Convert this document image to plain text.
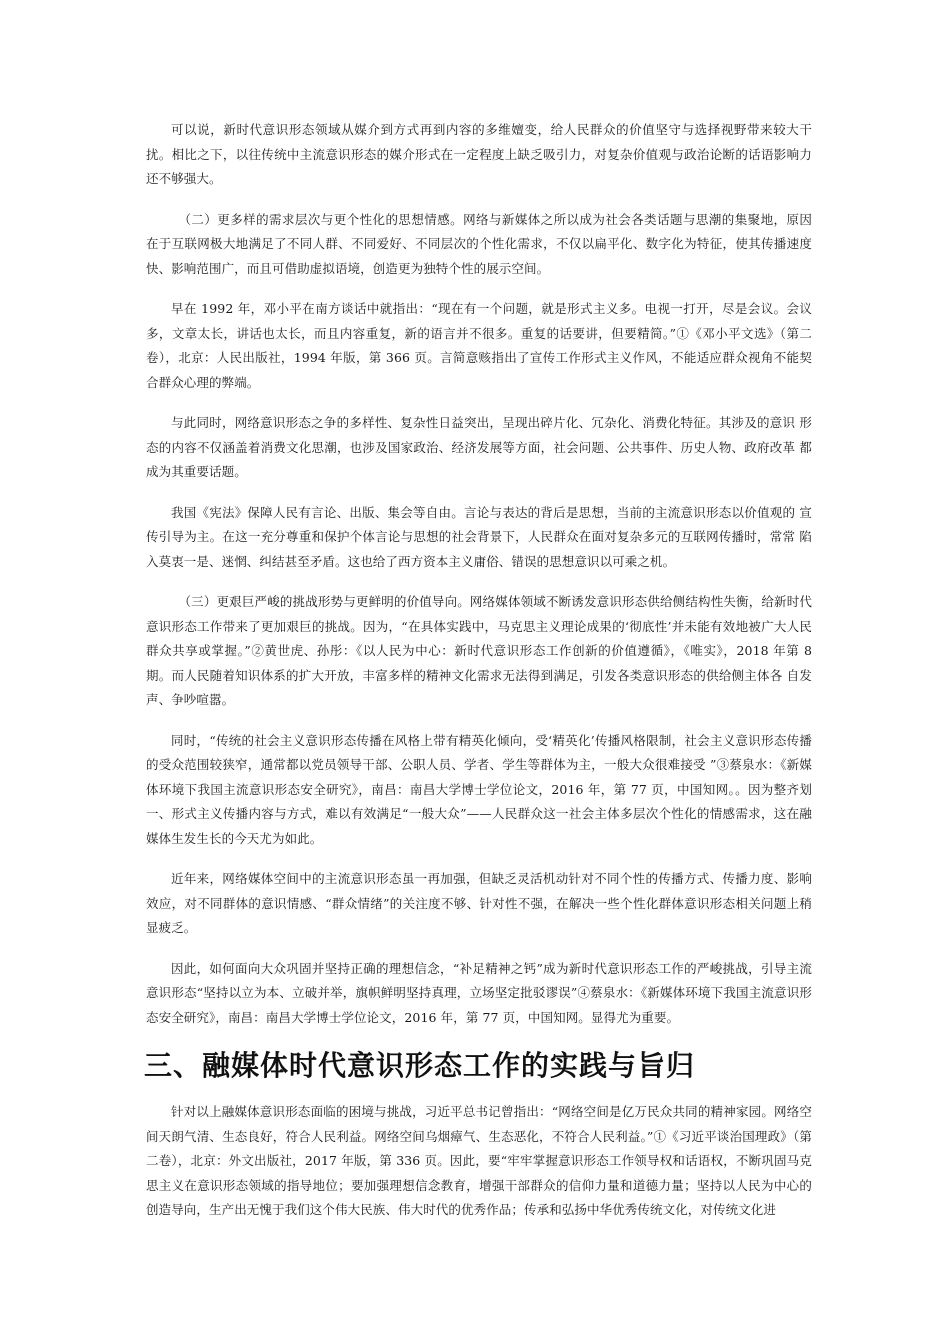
可以说，新时代意识形态领域从媒介到方式再到内容的多维嬗变，给人民群众的价值坚守与选择视野带来较大干 扰。相比之下，以往传统中主流意识形态的媒介形式在一定程度上缺乏吸引力，对复杂价值观与政治论断的话语影响力 还不够强大。

（二）更多样的需求层次与更个性化的思想情感。网络与新媒体之所以成为社会各类话题与思潮的集聚地，原因 在于互联网极大地满足了不同人群、不同爱好、不同层次的个性化需求，不仅以扁平化、数字化为特征，使其传播速度 快、影响范围广，而且可借助虚拟语境，创造更为独特个性的展示空间。

早在 1992 年，邓小平在南方谈话中就指出：“现在有一个问题，就是形式主义多。电视一打开，尽是会议。会议多，文章太长，讲话也太长，而且内容重复，新的语言并不很多。重复的话要讲，但要精简。”①《邓小平文选》（第二卷），北京：人民出版社，1994 年版，第 366 页。言简意赅指出了宣传工作形式主义作风，不能适应群众视角不能契合群众心理的弊端。

与此同时，网络意识形态之争的多样性、复杂性日益突出，呈现出碎片化、冗杂化、消费化特征。其涉及的意识 形态的内容不仅涵盖着消费文化思潮，也涉及国家政治、经济发展等方面，社会问题、公共事件、历史人物、政府改革 都成为其重要话题。

我国《宪法》保障人民有言论、出版、集会等自由。言论与表达的背后是思想，当前的主流意识形态以价值观的 宣传引导为主。在这一充分尊重和保护个体言论与思想的社会背景下，人民群众在面对复杂多元的互联网传播时，常常 陷入莫衷一是、迷惘、纠结甚至矛盾。这也给了西方资本主义庸俗、错误的思想意识以可乘之机。

（三）更艰巨严峻的挑战形势与更鲜明的价值导向。网络媒体领域不断诱发意识形态供给侧结构性失衡，给新时代意识形态工作带来了更加艰巨的挑战。因为，“在具体实践中，马克思主义理论成果的‘彻底性’并未能有效地被广大人民群众共享或掌握。”②黄世虎、孙彤：《以人民为中心：新时代意识形态工作创新的价值遵循》，《唯实》，2018 年第 8 期。而人民随着知识体系的扩大开放，丰富多样的精神文化需求无法得到满足，引发各类意识形态的供给侧主体各 自发声、争吵喧嚣。

同时，“传统的社会主义意识形态传播在风格上带有精英化倾向，受‘精英化’传播风格限制，社会主义意识形态传播的受众范围较狭窄，通常都以党员领导干部、公职人员、学者、学生等群体为主，一般大众很难接受 ”③蔡泉水：《新媒体环境下我国主流意识形态安全研究》，南昌：南昌大学博士学位论文，2016 年，第 77 页，中国知网。。因为整齐划一、形式主义传播内容与方式，难以有效满足“一般大众”——人民群众这一社会主体多层次个性化的情感需求，这在融媒体生发生长的今天尤为如此。

近年来，网络媒体空间中的主流意识形态虽一再加强，但缺乏灵活机动针对不同个性的传播方式、传播力度、影响效应，对不同群体的意识情感、“群众情绪”的关注度不够、针对性不强，在解决一些个性化群体意识形态相关问题上稍显疲乏。

因此，如何面向大众巩固并坚持正确的理想信念，“补足精神之钙”成为新时代意识形态工作的严峻挑战，引导主流意识形态“坚持以立为本、立破并举，旗帜鲜明坚持真理，立场坚定批驳谬误”④蔡泉水：《新媒体环境下我国主流意识形态安全研究》，南昌：南昌大学博士学位论文，2016 年，第 77 页，中国知网。显得尤为重要。

三、融媒体时代意识形态工作的实践与旨归

针对以上融媒体意识形态面临的困境与挑战，习近平总书记曾指出：“网络空间是亿万民众共同的精神家园。网络空间天朗气清、生态良好，符合人民利益。网络空间乌烟瘴气、生态恶化，不符合人民利益。”①《习近平谈治国理政》（第二卷），北京：外文出版社，2017 年版，第 336 页。因此，要“牢牢掌握意识形态工作领导权和话语权，不断巩固马克思主义在意识形态领域的指导地位；要加强理想信念教育，增强干部群众的信仰力量和道德力量；坚持以人民为中心的创造导向，生产出无愧于我们这个伟大民族、伟大时代的优秀作品；传承和弘扬中华优秀传统文化，对传统文化进
